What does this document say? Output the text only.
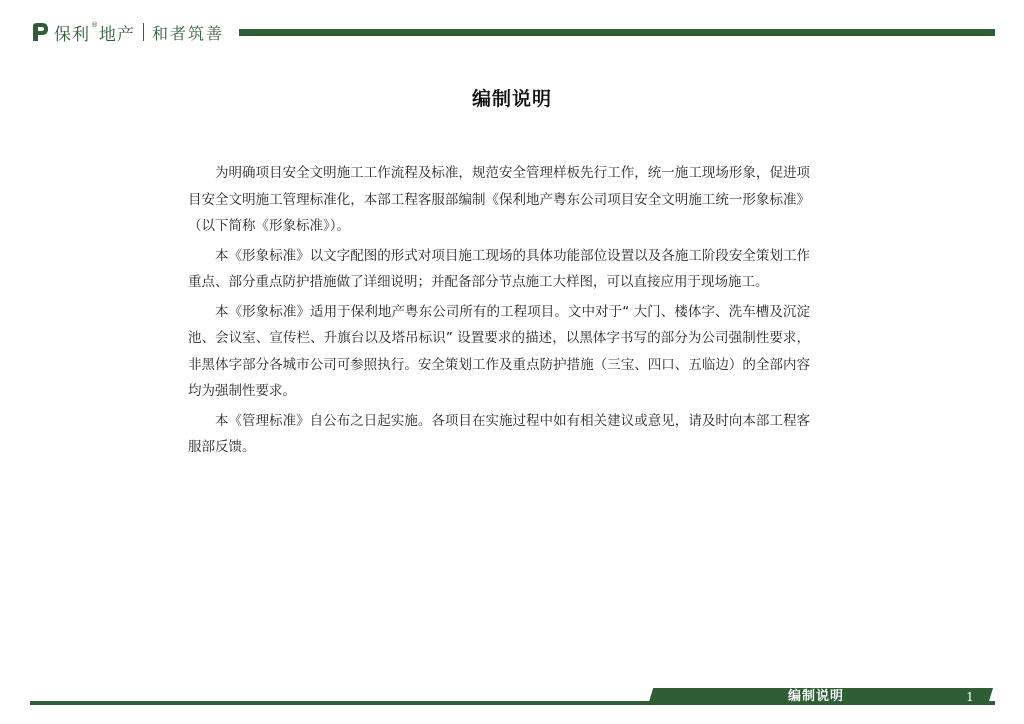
保利 ® 地产 和者筑善
编制说明

为明确项目安全文明施工工作流程及标准，规范安全管理样板先行工作，统一施工现场形象，促进项目安全文明施工管理标准化，本部工程客服部编制《保利地产粤东公司项目安全文明施工统一形象标准》（以下简称《形象标准》）。

本《形象标准》以文字配图的形式对项目施工现场的具体功能部位设置以及各施工阶段安全策划工作重点、部分重点防护措施做了详细说明；并配备部分节点施工大样图，可以直接应用于现场施工。

本《形象标准》适用于保利地产粤东公司所有的工程项目。文中对于“ 大门、楼体字、洗车槽及沉淀池、会议室、宣传栏、升旗台以及塔吊标识” 设置要求的描述，以黑体字书写的部分为公司强制性要求，非黑体字部分各城市公司可参照执行。安全策划工作及重点防护措施（三宝、四口、五临边）的全部内容均为强制性要求。

本《管理标准》自公布之日起实施。各项目在实施过程中如有相关建议或意见，请及时向本部工程客服部反馈。

编制说明	1
